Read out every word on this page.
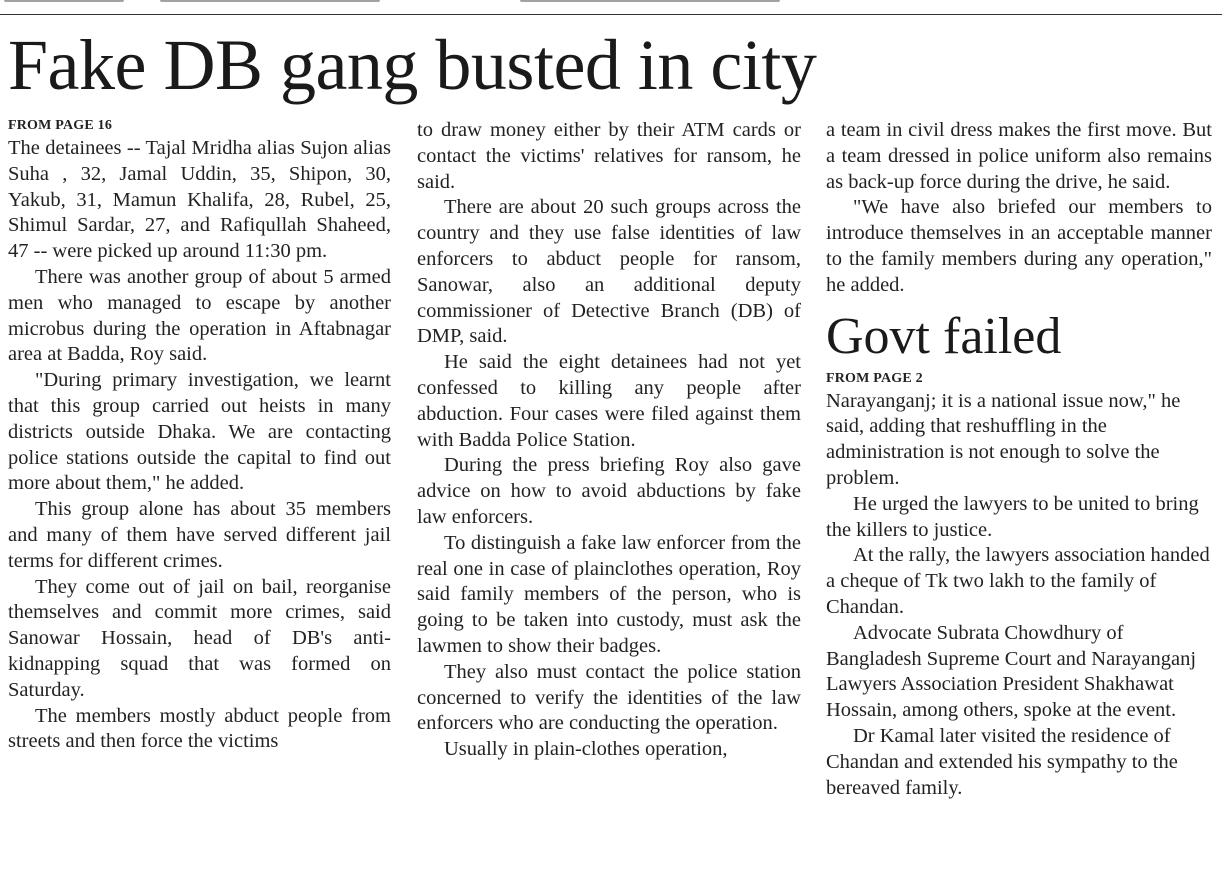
Fake DB gang busted in city
FROM PAGE 16

The detainees -- Tajal Mridha alias Sujon alias Suha , 32, Jamal Uddin, 35, Shipon, 30, Yakub, 31, Mamun Khalifa, 28, Rubel, 25, Shimul Sardar, 27, and Rafiqullah Shaheed, 47 -- were picked up around 11:30 pm.

There was another group of about 5 armed men who managed to escape by another microbus during the operation in Aftabnagar area at Badda, Roy said.

"During primary investigation, we learnt that this group carried out heists in many districts outside Dhaka. We are contacting police stations outside the capital to find out more about them," he added.

This group alone has about 35 members and many of them have served different jail terms for different crimes.

They come out of jail on bail, reorganise themselves and commit more crimes, said Sanowar Hossain, head of DB's anti-kidnapping squad that was formed on Saturday.

The members mostly abduct people from streets and then force the victims

to draw money either by their ATM cards or contact the victims' relatives for ransom, he said.

There are about 20 such groups across the country and they use false identities of law enforcers to abduct people for ransom, Sanowar, also an additional deputy commissioner of Detective Branch (DB) of DMP, said.

He said the eight detainees had not yet confessed to killing any people after abduction. Four cases were filed against them with Badda Police Station.

During the press briefing Roy also gave advice on how to avoid abductions by fake law enforcers.

To distinguish a fake law enforcer from the real one in case of plainclothes operation, Roy said family members of the person, who is going to be taken into custody, must ask the lawmen to show their badges.

They also must contact the police station concerned to verify the identities of the law enforcers who are conducting the operation.

Usually in plain-clothes operation,

a team in civil dress makes the first move. But a team dressed in police uniform also remains as back-up force during the drive, he said.

"We have also briefed our members to introduce themselves in an acceptable manner to the family members during any operation," he added.

Govt failed
FROM PAGE 2

Narayanganj; it is a national issue now," he said, adding that reshuffling in the administration is not enough to solve the problem.

He urged the lawyers to be united to bring the killers to justice.

At the rally, the lawyers association handed a cheque of Tk two lakh to the family of Chandan.

Advocate Subrata Chowdhury of Bangladesh Supreme Court and Narayanganj Lawyers Association President Shakhawat Hossain, among others, spoke at the event.

Dr Kamal later visited the residence of Chandan and extended his sympathy to the bereaved family.
